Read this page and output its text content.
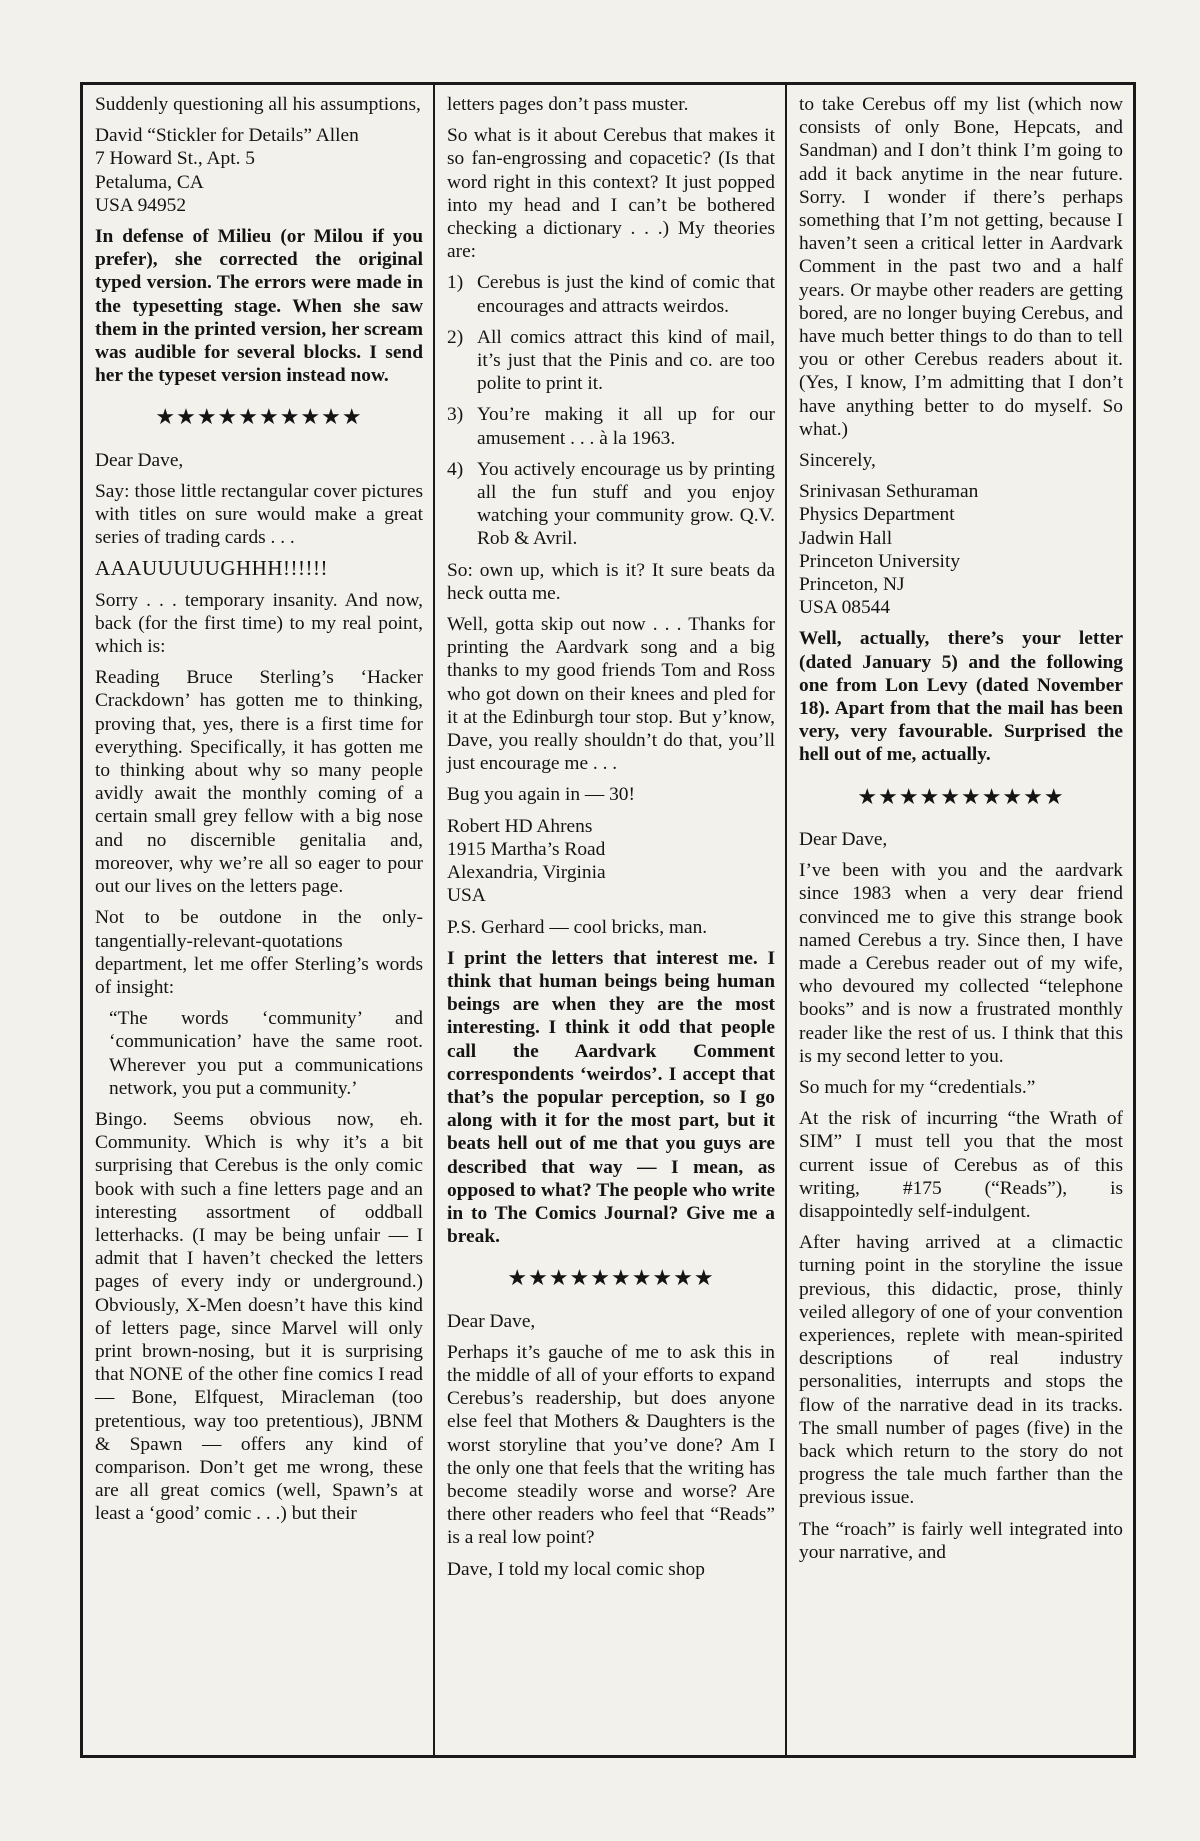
Suddenly questioning all his assumptions,

David “Stickler for Details” Allen

7 Howard St., Apt. 5

Petaluma, CA

USA 94952

In defense of Milieu (or Milou if you prefer), she corrected the original typed version. The errors were made in the typesetting stage. When she saw them in the printed version, her scream was audible for several blocks. I send her the typeset version instead now.

★★★★★★★★★★

Dear Dave,

Say: those little rectangular cover pictures with titles on sure would make a great series of trading cards . . .

AAAUUUUUGHHH!!!!!!

Sorry . . . temporary insanity. And now, back (for the first time) to my real point, which is:

Reading Bruce Sterling’s ‘Hacker Crackdown’ has gotten me to thinking, proving that, yes, there is a first time for everything. Specifically, it has gotten me to thinking about why so many people avidly await the monthly coming of a certain small grey fellow with a big nose and no discernible genitalia and, moreover, why we’re all so eager to pour out our lives on the letters page.

Not to be outdone in the only-tangentially-relevant-quotations department, let me offer Sterling’s words of insight:

“The words ‘community’ and ‘communication’ have the same root. Wherever you put a communications network, you put a community.’

Bingo. Seems obvious now, eh. Community. Which is why it’s a bit surprising that Cerebus is the only comic book with such a fine letters page and an interesting assortment of oddball letterhacks. (I may be being unfair — I admit that I haven’t checked the letters pages of every indy or underground.) Obviously, X-Men doesn’t have this kind of letters page, since Marvel will only print brown-nosing, but it is surprising that NONE of the other fine comics I read — Bone, Elfquest, Miracleman (too pretentious, way too pretentious), JBNM & Spawn — offers any kind of comparison. Don’t get me wrong, these are all great comics (well, Spawn’s at least a ‘good’ comic . . .) but their

letters pages don’t pass muster.

So what is it about Cerebus that makes it so fan-engrossing and copacetic? (Is that word right in this context? It just popped into my head and I can’t be bothered checking a dictionary . . .) My theories are:

1) Cerebus is just the kind of comic that encourages and attracts weirdos.
2) All comics attract this kind of mail, it’s just that the Pinis and co. are too polite to print it.
3) You’re making it all up for our amusement . . . à la 1963.
4) You actively encourage us by printing all the fun stuff and you enjoy watching your community grow. Q.V. Rob & Avril.

So: own up, which is it? It sure beats da heck outta me.

Well, gotta skip out now . . . Thanks for printing the Aardvark song and a big thanks to my good friends Tom and Ross who got down on their knees and pled for it at the Edinburgh tour stop. But y’know, Dave, you really shouldn’t do that, you’ll just encourage me . . .

Bug you again in — 30!

Robert HD Ahrens

1915 Martha’s Road

Alexandria, Virginia

USA

P.S. Gerhard — cool bricks, man.

I print the letters that interest me. I think that human beings being human beings are when they are the most interesting. I think it odd that people call the Aardvark Comment correspondents ‘weirdos’. I accept that that’s the popular perception, so I go along with it for the most part, but it beats hell out of me that you guys are described that way — I mean, as opposed to what? The people who write in to The Comics Journal? Give me a break.

★★★★★★★★★★

Dear Dave,

Perhaps it’s gauche of me to ask this in the middle of all of your efforts to expand Cerebus’s readership, but does anyone else feel that Mothers & Daughters is the worst storyline that you’ve done? Am I the only one that feels that the writing has become steadily worse and worse? Are there other readers who feel that “Reads” is a real low point?

Dave, I told my local comic shop

to take Cerebus off my list (which now consists of only Bone, Hepcats, and Sandman) and I don’t think I’m going to add it back anytime in the near future. Sorry. I wonder if there’s perhaps something that I’m not getting, because I haven’t seen a critical letter in Aardvark Comment in the past two and a half years. Or maybe other readers are getting bored, are no longer buying Cerebus, and have much better things to do than to tell you or other Cerebus readers about it. (Yes, I know, I’m admitting that I don’t have anything better to do myself. So what.)

Sincerely,

Srinivasan Sethuraman

Physics Department

Jadwin Hall

Princeton University

Princeton, NJ

USA 08544

Well, actually, there’s your letter (dated January 5) and the following one from Lon Levy (dated November 18). Apart from that the mail has been very, very favourable. Surprised the hell out of me, actually.

★★★★★★★★★★

Dear Dave,

I’ve been with you and the aardvark since 1983 when a very dear friend convinced me to give this strange book named Cerebus a try. Since then, I have made a Cerebus reader out of my wife, who devoured my collected “telephone books” and is now a frustrated monthly reader like the rest of us. I think that this is my second letter to you.

So much for my “credentials.”

At the risk of incurring “the Wrath of SIM” I must tell you that the most current issue of Cerebus as of this writing, #175 (“Reads”), is disappointedly self-indulgent.

After having arrived at a climactic turning point in the storyline the issue previous, this didactic, prose, thinly veiled allegory of one of your convention experiences, replete with mean-spirited descriptions of real industry personalities, interrupts and stops the flow of the narrative dead in its tracks. The small number of pages (five) in the back which return to the story do not progress the tale much farther than the previous issue.

The “roach” is fairly well integrated into your narrative, and
